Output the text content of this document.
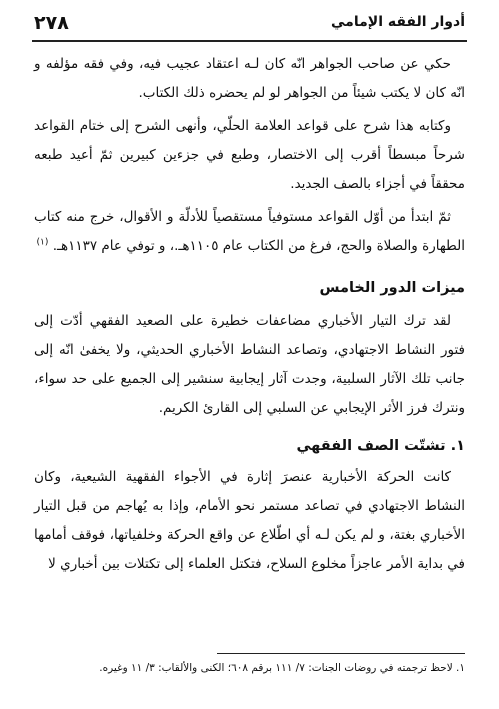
٢٧٨	أدوار الفقه الإمامي

حكي عن صاحب الجواهر انّه كان لـه اعتقاد عجيب فيه، وفي فقه مؤلفه و انّه كان لا يكتب شيئاً من الجواهر لو لم يحضره ذلك الكتاب.

وكتابه هذا شرح على قواعد العلامة الحلّي، وأنهى الشرح إلى ختام القواعد شرحاً مبسطاً أقرب إلى الاختصار، وطبع في جزءين كبيرين ثمّ أعيد طبعه محققاً في أجزاء بالصف الجديد.

ثمّ ابتدأ من أوّل القواعد مستوفياً مستقصياً للأدلّة و الأقوال، خرج منه كتاب الطهارة والصلاة والحج، فرغ من الكتاب عام ١١٠٥هـ.، و توفي عام ١١٣٧هـ. $^{(١)}$

ميزات الدور الخامس

لقد ترك التيار الأخباري مضاعفات خطيرة على الصعيد الفقهي أدّت إلى فتور النشاط الاجتهادي، وتصاعد النشاط الأخباري الحديثي، ولا يخفىٰ انّه إلى جانب تلك الآثار السلبية، وجدت آثار إيجابية سنشير إلى الجميع على حد سواء، ونترك فرز الأثر الإيجابي عن السلبي إلى القارئ الكريم.

١. تشتّت الصف الفقهي

كانت الحركة الأخبارية عنصرَ إثارة في الأجواء الفقهية الشيعية، وكان النشاط الاجتهادي في تصاعد مستمر نحو الأمام، وإذا به يُهاجم من قبل التيار الأخباري بغتة، و لم يكن لـه أي اطّلاع عن واقع الحركة وخلفياتها، فوقف أمامها في بداية الأمر عاجزاً مخلوع السلاح، فتكتل العلماء إلى تكتلات بين أخباري لا

١. لاحظ ترجمته في روضات الجنات: ٧/ ١١١ برقم ٦٠٨؛ الكنى والألقاب: ٣/ ١١ وغيره.
